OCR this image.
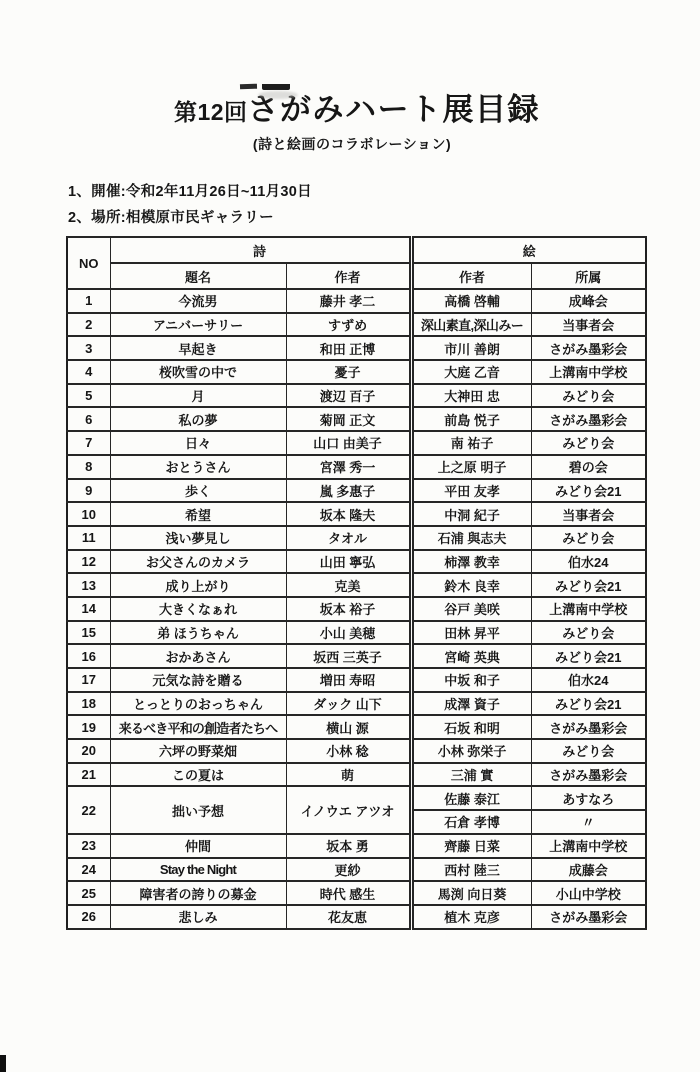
第12回さがみハート展目録
(詩と絵画のコラボレーション)
1、開催:令和2年11月26日~11月30日
2、場所:相模原市民ギャラリー
NO	詩		絵	
	題名	作者	作者	所属
1	今流男	藤井 孝二	高橋 啓輔	成峰会
2	アニバーサリー	すずめ	深山素直,深山みー	当事者会
3	早起き	和田 正博	市川 善朗	さがみ墨彩会
4	桜吹雪の中で	憂子	大庭 乙音	上溝南中学校
5	月	渡辺 百子	大神田 忠	みどり会
6	私の夢	菊岡 正文	前島 悦子	さがみ墨彩会
7	日々	山口 由美子	南 祐子	みどり会
8	おとうさん	宮澤 秀一	上之原 明子	碧の会
9	歩く	嵐 多惠子	平田 友孝	みどり会21
10	希望	坂本 隆夫	中洞 紀子	当事者会
11	浅い夢見し	タオル	石浦 與志夫	みどり会
12	お父さんのカメラ	山田 寧弘	柿澤 教幸	伯水24
13	成り上がり	克美	鈴木 良幸	みどり会21
14	大きくなぁれ	坂本 裕子	谷戸 美咲	上溝南中学校
15	弟 ほうちゃん	小山 美穂	田林 昇平	みどり会
16	おかあさん	坂西 三英子	宮崎 英典	みどり会21
17	元気な詩を贈る	増田 寿昭	中坂 和子	伯水24
18	とっとりのおっちゃん	ダック 山下	成澤 資子	みどり会21
19	来るべき平和の創造者たちへ	横山 源	石坂 和明	さがみ墨彩会
20	六坪の野菜畑	小林 稔	小林 弥栄子	みどり会
21	この夏は	萌	三浦 實	さがみ墨彩会
22	拙い予想	イノウエ アツオ	佐藤 泰江	あすなろ
			石倉 孝博	〃
23	仲間	坂本 勇	齊藤 日菜	上溝南中学校
24	Stay the Night	更紗	西村 陸三	成藤会
25	障害者の誇りの募金	時代 感生	馬渕 向日葵	小山中学校
26	悲しみ	花友恵	植木 克彦	さがみ墨彩会
